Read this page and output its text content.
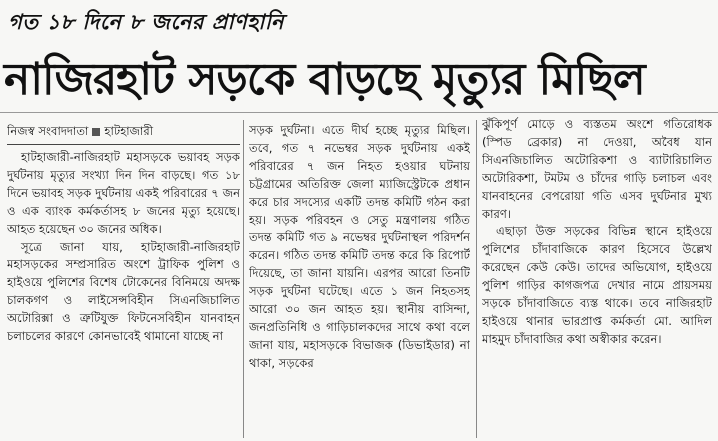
গত ১৮ দিনে ৮ জনের প্রাণহানি
নাজিরহাট সড়কে বাড়ছে মৃত্যুর মিছিল
নিজস্ব সংবাদদাতা হাটহাজারী

হাটহাজারী-নাজিরহাট মহাসড়কে ভয়াবহ সড়ক দুর্ঘটনায় মৃত্যুর সংখ্যা দিন দিন বাড়ছে। গত ১৮ দিনে ভয়াবহ সড়ক দুর্ঘটনায় একই পরিবারের ৭ জন ও এক ব্যাংক কর্মকর্তাসহ ৮ জনের মৃত্যু হয়েছে। আহত হয়েছেন ৩০ জনের অধিক।

সূত্রে জানা যায়, হাটহাজারী-নাজিরহাট মহাসড়কের সম্প্রসারিত অংশে ট্রাফিক পুলিশ ও হাইওয়ে পুলিশের বিশেষ টোকেনের বিনিময়ে অদক্ষ চালকগণ ও লাইসেন্সবিহীন সিএনজিচালিত অটোরিক্সা ও ত্রুটিযুক্ত ফিটনেসবিহীন যানবাহন চলাচলের কারণে কোনভাবেই থামানো যাচ্ছে না

সড়ক দুর্ঘটনা। এতে দীর্ঘ হচ্ছে মৃত্যুর মিছিল। তবে, গত ৭ নভেম্বর সড়ক দুর্ঘটনায় একই পরিবারের ৭ জন নিহত হওয়ার ঘটনায় চট্টগ্রামের অতিরিক্ত জেলা ম্যাজিস্ট্রেটকে প্রধান করে চার সদস্যের একটি তদন্ত কমিটি গঠন করা হয়। সড়ক পরিবহন ও সেতু মন্ত্রণালয় গঠিত তদন্ত কমিটি গত ৯ নভেম্বর দুর্ঘটনাস্থল পরিদর্শন করেন। গঠিত তদন্ত কমিটি তদন্ত করে কি রিপোর্ট দিয়েছে, তা জানা যায়নি। এরপর আরো তিনটি সড়ক দুর্ঘটনা ঘটেছে। এতে ১ জন নিহতসহ আরো ৩০ জন আহত হয়। স্থানীয় বাসিন্দা, জনপ্রতিনিধি ও গাড়িচালকদের সাথে কথা বলে জানা যায়, মহাসড়কে বিভাজক (ডিভাইডার) না থাকা, সড়কের

ঝুঁকিপূর্ণ মোড়ে ও ব্যস্ততম অংশে গতিরোধক (স্পিড ব্রেকার) না দেওয়া, অবৈধ যান সিএনজিচালিত অটোরিকশা ও ব্যাটারিচালিত অটোরিকশা, টমটম ও চাঁদের গাড়ি চলাচল এবং যানবাহনের বেপরোয়া গতি এসব দুর্ঘটনার মুখ্য কারণ।

এছাড়া উক্ত সড়কের বিভিন্ন স্থানে হাইওয়ে পুলিশের চাঁদাবাজিকে কারণ হিসেবে উল্লেখ করেছেন কেউ কেউ। তাদের অভিযোগ, হাইওয়ে পুলিশ গাড়ির কাগজপত্র দেখার নামে প্রায়সময় সড়কে চাঁদাবাজিতে ব্যস্ত থাকে। তবে নাজিরহাট হাইওয়ে থানার ভারপ্রাপ্ত কর্মকর্তা মো. আদিল মাহমুদ চাঁদাবাজির কথা অস্বীকার করেন।
